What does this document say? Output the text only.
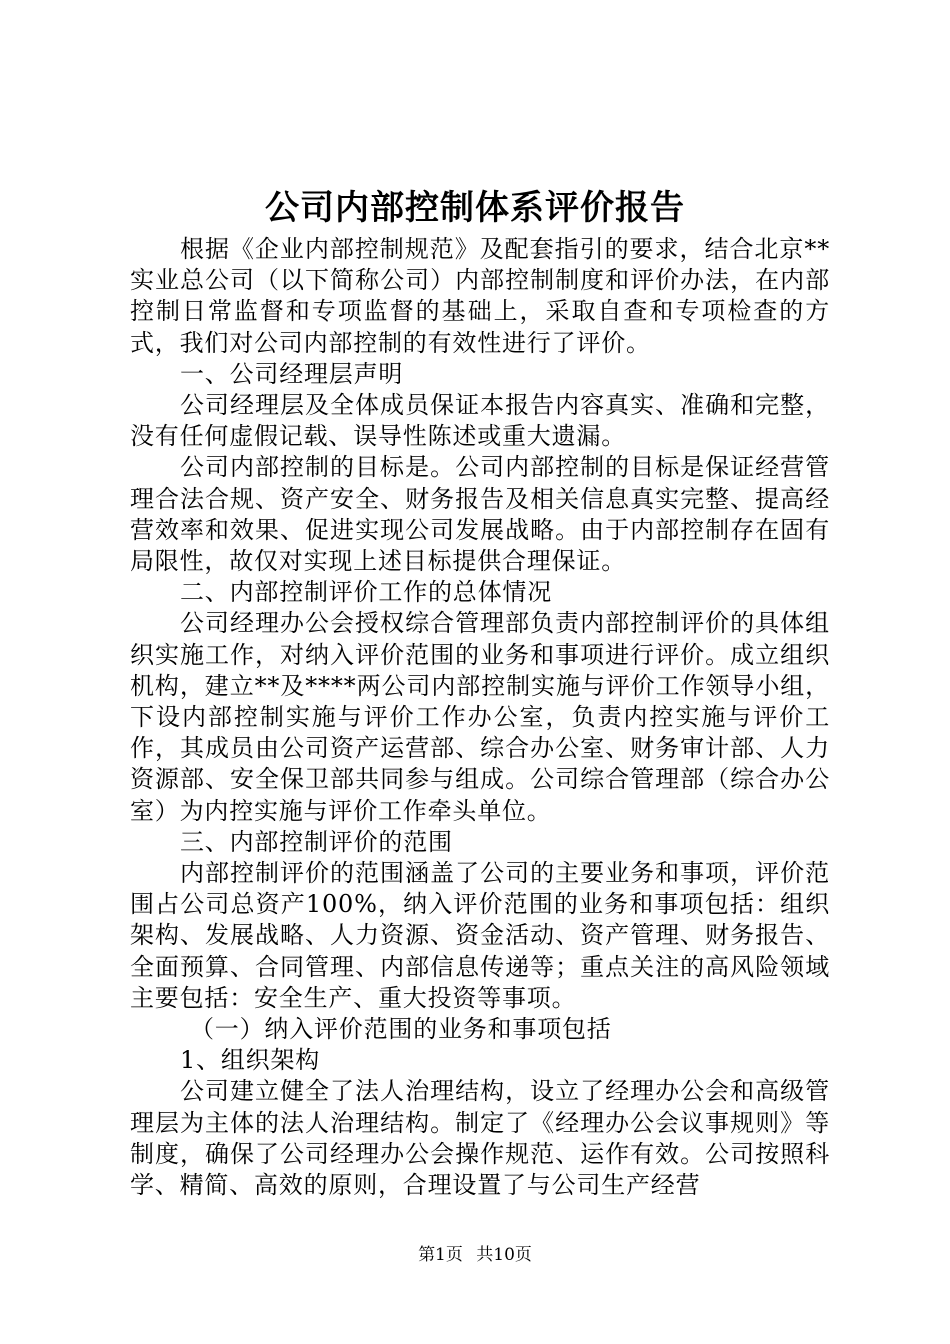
公司内部控制体系评价报告

根据《企业内部控制规范》及配套指引的要求，结合北京**实业总公司（以下简称公司）内部控制制度和评价办法，在内部控制日常监督和专项监督的基础上，采取自查和专项检查的方式，我们对公司内部控制的有效性进行了评价。

一、公司经理层声明

公司经理层及全体成员保证本报告内容真实、准确和完整，没有任何虚假记载、误导性陈述或重大遗漏。

公司内部控制的目标是。公司内部控制的目标是保证经营管理合法合规、资产安全、财务报告及相关信息真实完整、提高经营效率和效果、促进实现公司发展战略。由于内部控制存在固有局限性，故仅对实现上述目标提供合理保证。

二、内部控制评价工作的总体情况

公司经理办公会授权综合管理部负责内部控制评价的具体组织实施工作，对纳入评价范围的业务和事项进行评价。成立组织机构，建立**及****两公司内部控制实施与评价工作领导小组，下设内部控制实施与评价工作办公室，负责内控实施与评价工作，其成员由公司资产运营部、综合办公室、财务审计部、人力资源部、安全保卫部共同参与组成。公司综合管理部（综合办公室）为内控实施与评价工作牵头单位。

三、内部控制评价的范围

内部控制评价的范围涵盖了公司的主要业务和事项，评价范围占公司总资产100%，纳入评价范围的业务和事项包括：组织架构、发展战略、人力资源、资金活动、资产管理、财务报告、全面预算、合同管理、内部信息传递等；重点关注的高风险领域主要包括：安全生产、重大投资等事项。

（一）纳入评价范围的业务和事项包括

1、组织架构

公司建立健全了法人治理结构，设立了经理办公会和高级管理层为主体的法人治理结构。制定了《经理办公会议事规则》等制度，确保了公司经理办公会操作规范、运作有效。公司按照科学、精简、高效的原则，合理设置了与公司生产经营

第1页 共10页
